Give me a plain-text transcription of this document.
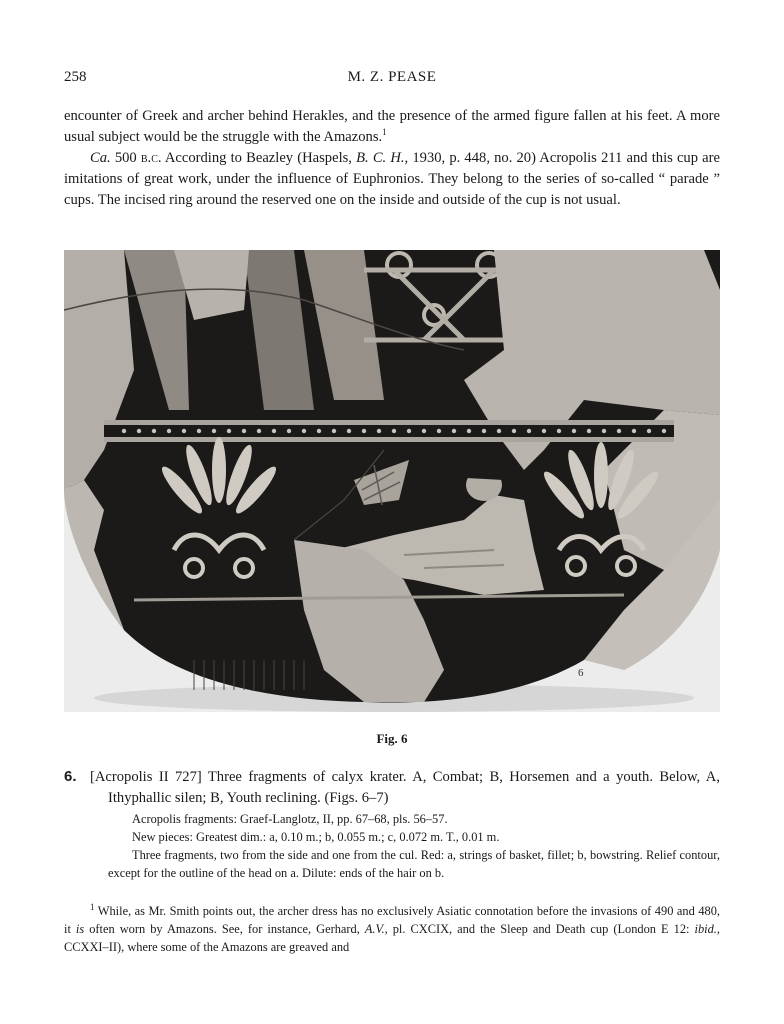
258	M. Z. PEASE

encounter of Greek and archer behind Herakles, and the presence of the armed figure fallen at his feet. A more usual subject would be the struggle with the Amazons.$^1$

Ca. 500 b.c. According to Beazley (Haspels, B. C. H., 1930, p. 448, no. 20) Acropolis 211 and this cup are imitations of great work, under the influence of Euphronios. They belong to the series of so-called “ parade ” cups. The incised ring around the reserved one on the inside and outside of the cup is not usual.

6
Fig. 6
6. [Acropolis II 727] Three fragments of calyx krater. A, Combat; B, Horsemen and a youth. Below, A, Ithyphallic silen; B, Youth reclining. (Figs. 6–7)

Acropolis fragments: Graef-Langlotz, II, pp. 67–68, pls. 56–57.

New pieces: Greatest dim.: a, 0.10 m.; b, 0.055 m.; c, 0.072 m. T., 0.01 m.

Three fragments, two from the side and one from the cul. Red: a, strings of basket, fillet; b, bowstring. Relief contour, except for the outline of the head on a. Dilute: ends of the hair on b.

$^1$ While, as Mr. Smith points out, the archer dress has no exclusively Asiatic connotation before the invasions of 490 and 480, it is often worn by Amazons. See, for instance, Gerhard, A.V., pl. CXCIX, and the Sleep and Death cup (London E 12: ibid., CCXXI–II), where some of the Amazons are greaved and
